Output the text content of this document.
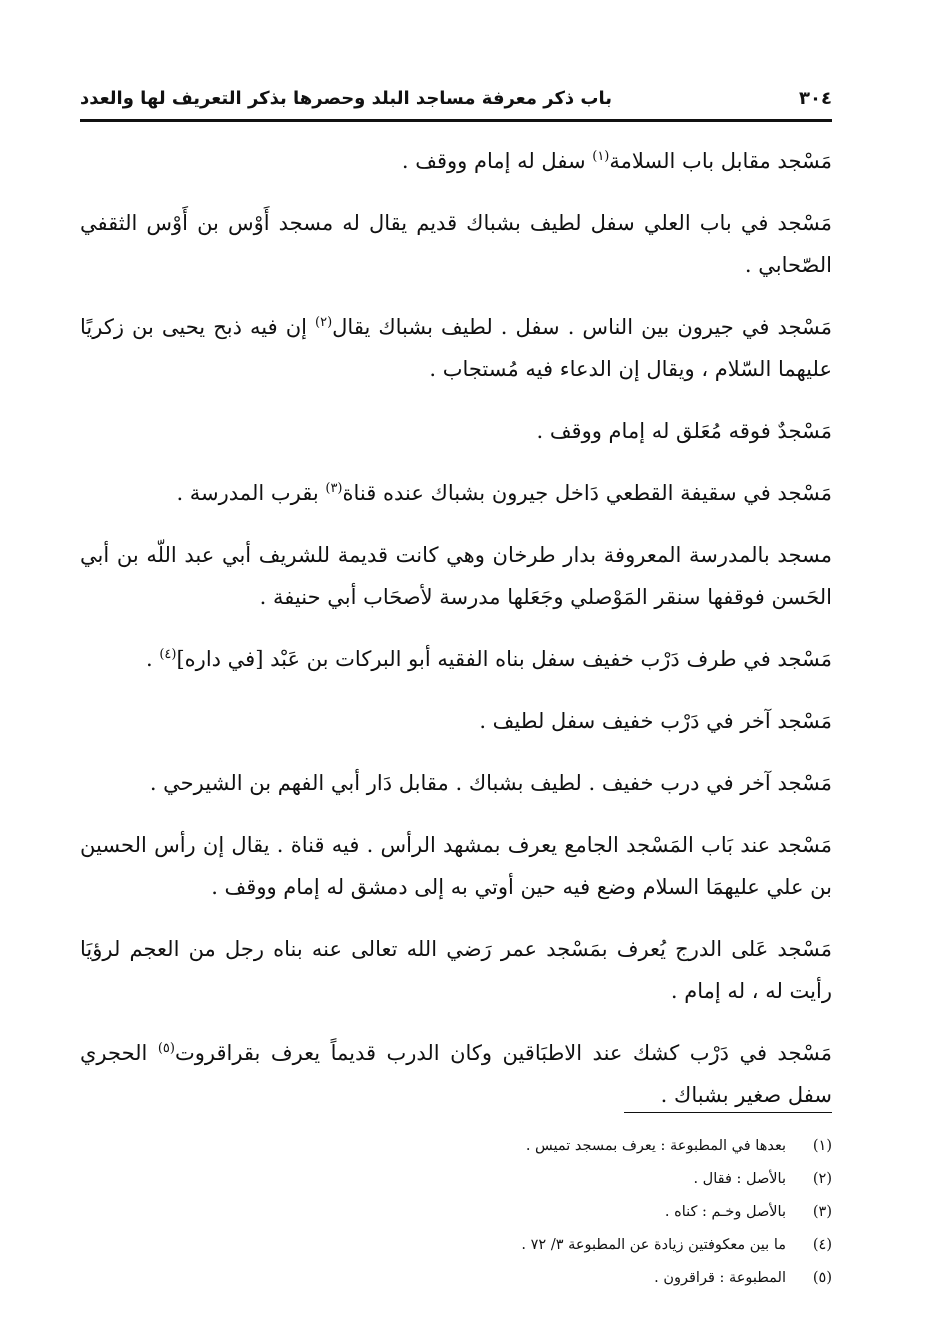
٣٠٤
باب ذكر معرفة مساجد البلد وحصرها بذكر التعريف لها والعدد

مَسْجد مقابل باب السلامة$^{(١)}$ سفل له إمام ووقف .

مَسْجد في باب العلي سفل لطيف بشباك قديم يقال له مسجد أَوْس بن أَوْس الثقفي الصّحابي .

مَسْجد في جيرون بين الناس . سفل . لطيف بشباك يقال$^{(٢)}$ إن فيه ذبح يحيى بن زكريًا عليهما السّلام ، ويقال إن الدعاء فيه مُستجاب .

مَسْجدٌ فوقه مُعَلق له إمام ووقف .

مَسْجد في سقيفة القطعي دَاخل جيرون بشباك عنده قناة$^{(٣)}$ بقرب المدرسة .

مسجد بالمدرسة المعروفة بدار طرخان وهي كانت قديمة للشريف أبي عبد اللّه بن أبي الحَسن فوقفها سنقر المَوْصلي وجَعَلها مدرسة لأصحَاب أبي حنيفة .

مَسْجد في طرف دَرْب خفيف سفل بناه الفقيه أبو البركات بن عَبْد [في داره]$^{(٤)}$ .

مَسْجد آخر في دَرْب خفيف سفل لطيف .

مَسْجد آخر في درب خفيف . لطيف بشباك . مقابل دَار أبي الفهم بن الشيرحي .

مَسْجد عند بَاب المَسْجد الجامع يعرف بمشهد الرأس . فيه قناة . يقال إن رأس الحسين بن علي عليهمَا السلام وضع فيه حين أوتي به إلى دمشق له إمام ووقف .

مَسْجد عَلى الدرج يُعرف بمَسْجد عمر رَضي الله تعالى عنه بناه رجل من العجم لرؤيَا رأيت له ، له إمام .

مَسْجد في دَرْب كشك عند الاطبَاقين وكان الدرب قديماً يعرف بقراقروت$^{(٥)}$ الحجري سفل صغير بشباك .

(١)
بعدها في المطبوعة : يعرف بمسجد تميس .
(٢)
بالأصل : فقال .
(٣)
بالأصل وخـم : كناه .
(٤)
ما بين معكوفتين زيادة عن المطبوعة ٣/ ٧٢ .
(٥)
المطبوعة : قراقرون .
